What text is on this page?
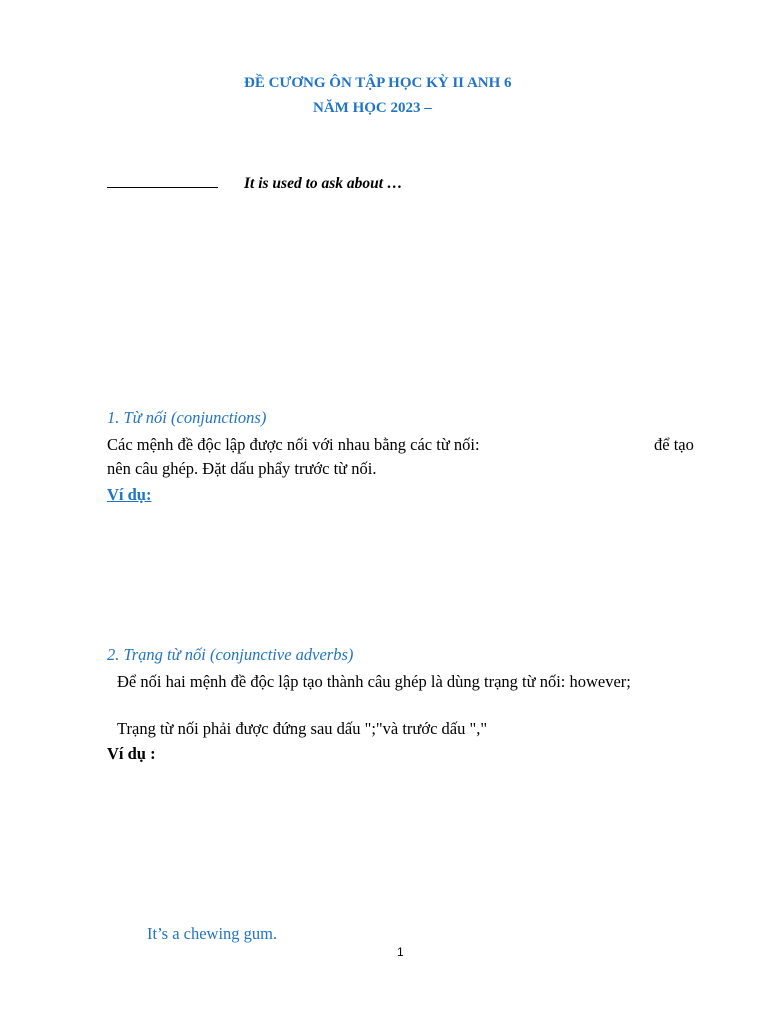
ĐỀ CƯƠNG ÔN TẬP HỌC KỲ II ANH 6
NĂM HỌC 2023 –
It is used to ask about …
1. Từ nối (conjunctions)
Các mệnh đề độc lập được nối với nhau bằng các từ nối:	để tạo
nên câu ghép. Đặt dấu phẩy trước từ nối.
Ví dụ:
2. Trạng từ nối (conjunctive adverbs)
Để nối hai mệnh đề độc lập tạo thành câu ghép là dùng trạng từ nối: however;
Trạng từ nối phải được đứng sau dấu ";"và trước dấu ","
Ví dụ :
It’s a chewing gum.
1
